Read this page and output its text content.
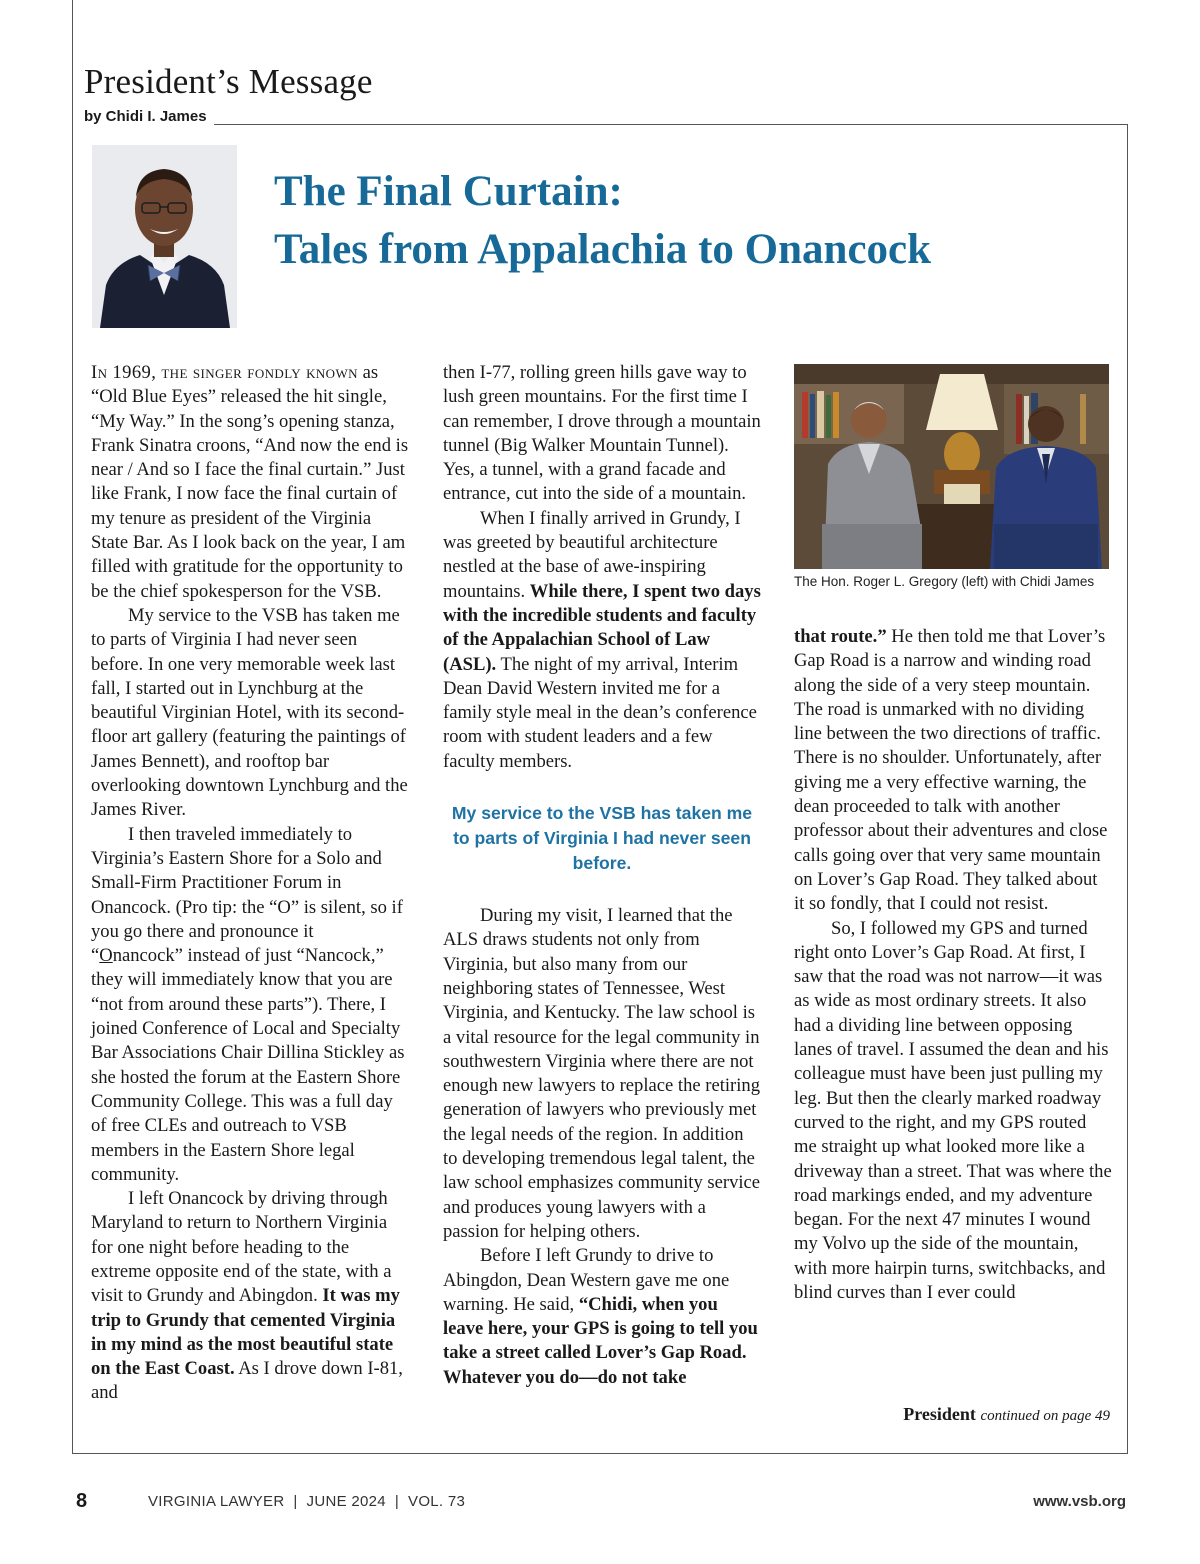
President’s Message
by Chidi I. James
The Final Curtain:
Tales from Appalachia to Onancock

In 1969, the singer fondly known as “Old Blue Eyes” released the hit single, “My Way.” In the song’s opening stanza, Frank Sinatra croons, “And now the end is near / And so I face the final curtain.” Just like Frank, I now face the final curtain of my tenure as president of the Virginia State Bar. As I look back on the year, I am filled with gratitude for the opportunity to be the chief spokesperson for the VSB.

My service to the VSB has taken me to parts of Virginia I had never seen before. In one very memorable week last fall, I started out in Lynchburg at the beautiful Virginian Hotel, with its second-floor art gallery (featuring the paintings of James Bennett), and rooftop bar overlooking downtown Lynchburg and the James River.

I then traveled immediately to Virginia’s Eastern Shore for a Solo and Small-Firm Practitioner Forum in Onancock. (Pro tip: the “O” is silent, so if you go there and pronounce it “Onancock” instead of just “Nancock,” they will immediately know that you are “not from around these parts”). There, I joined Conference of Local and Specialty Bar Associations Chair Dillina Stickley as she hosted the forum at the Eastern Shore Community College. This was a full day of free CLEs and outreach to VSB members in the Eastern Shore legal community.

I left Onancock by driving through Maryland to return to Northern Virginia for one night before heading to the extreme opposite end of the state, with a visit to Grundy and Abingdon. It was my trip to Grundy that cemented Virginia in my mind as the most beautiful state on the East Coast. As I drove down I-81, and

then I-77, rolling green hills gave way to lush green mountains. For the first time I can remember, I drove through a mountain tunnel (Big Walker Mountain Tunnel). Yes, a tunnel, with a grand facade and entrance, cut into the side of a mountain.

When I finally arrived in Grundy, I was greeted by beautiful architecture nestled at the base of awe-inspiring mountains. While there, I spent two days with the incredible students and faculty of the Appalachian School of Law (ASL). The night of my arrival, Interim Dean David Western invited me for a family style meal in the dean’s conference room with student leaders and a few faculty members.

My service to the VSB has taken me to parts of Virginia I had never seen before.

During my visit, I learned that the ALS draws students not only from Virginia, but also many from our neighboring states of Tennessee, West Virginia, and Kentucky. The law school is a vital resource for the legal community in southwestern Virginia where there are not enough new lawyers to replace the retiring generation of lawyers who previously met the legal needs of the region. In addition to developing tremendous legal talent, the law school emphasizes community service and produces young lawyers with a passion for helping others.

Before I left Grundy to drive to Abingdon, Dean Western gave me one warning. He said, “Chidi, when you leave here, your GPS is going to tell you take a street called Lover’s Gap Road. Whatever you do—do not take

The Hon. Roger L. Gregory (left) with Chidi James

that route.” He then told me that Lover’s Gap Road is a narrow and winding road along the side of a very steep mountain. The road is unmarked with no dividing line between the two directions of traffic. There is no shoulder. Unfortunately, after giving me a very effective warning, the dean proceeded to talk with another professor about their adventures and close calls going over that very same mountain on Lover’s Gap Road. They talked about it so fondly, that I could not resist.

So, I followed my GPS and turned right onto Lover’s Gap Road. At first, I saw that the road was not narrow—it was as wide as most ordinary streets. It also had a dividing line between opposing lanes of travel. I assumed the dean and his colleague must have been just pulling my leg. But then the clearly marked roadway curved to the right, and my GPS routed me straight up what looked more like a driveway than a street. That was where the road markings ended, and my adventure began. For the next 47 minutes I wound my Volvo up the side of the mountain, with more hairpin turns, switchbacks, and blind curves than I ever could

President continued on page 49
8	VIRGINIA LAWYER  |  JUNE 2024  |  VOL. 73	www.vsb.org
